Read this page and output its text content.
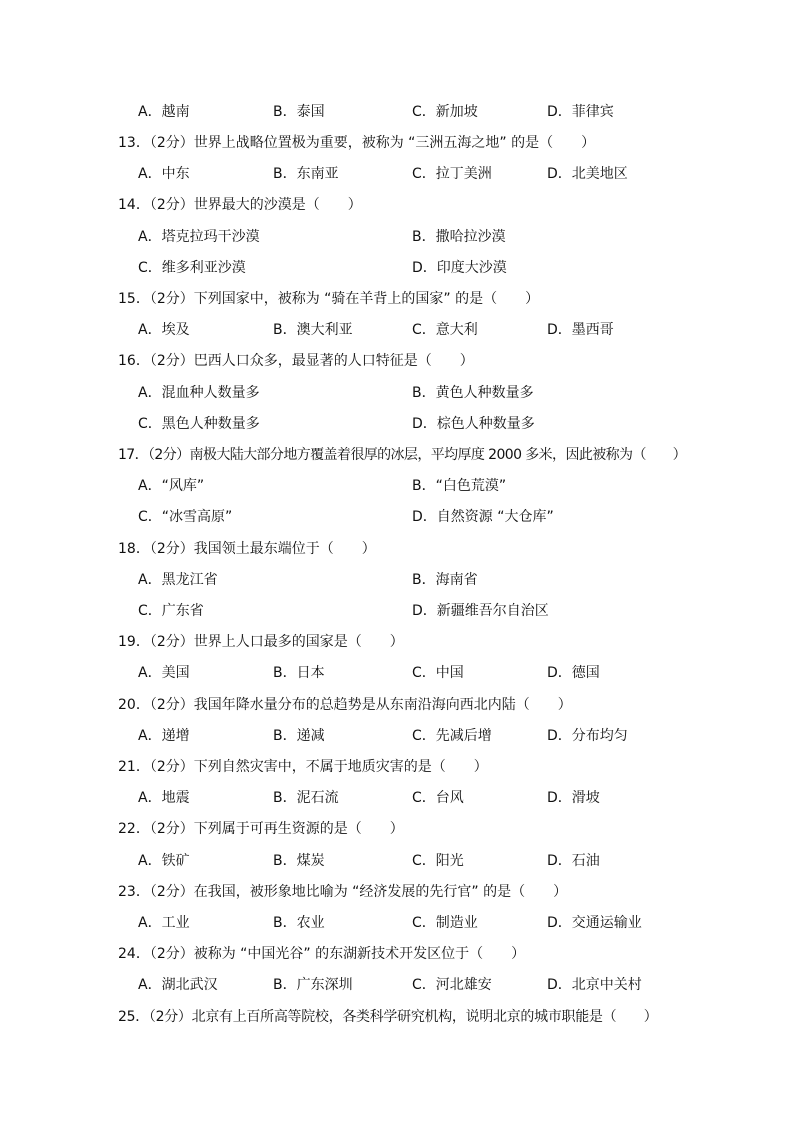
A．越南	B．泰国	C．新加坡	D．菲律宾
13．（2分）世界上战略位置极为重要，被称为 “三洲五海之地” 的是（　　）
A．中东	B．东南亚	C．拉丁美洲	D．北美地区
14．（2分）世界最大的沙漠是（　　）
A．塔克拉玛干沙漠	B．撒哈拉沙漠
C．维多利亚沙漠	D．印度大沙漠
15．（2分）下列国家中，被称为 “骑在羊背上的国家” 的是（　　）
A．埃及	B．澳大利亚	C．意大利	D．墨西哥
16．（2分）巴西人口众多，最显著的人口特征是（　　）
A．混血种人数量多	B．黄色人种数量多
C．黑色人种数量多	D．棕色人种数量多
17．（2分）南极大陆大部分地方覆盖着很厚的冰层，平均厚度 2000 多米，因此被称为（　　）
A．“风库”	B．“白色荒漠”
C．“冰雪高原”	D．自然资源 “大仓库”
18．（2分）我国领土最东端位于（　　）
A．黑龙江省	B．海南省
C．广东省	D．新疆维吾尔自治区
19．（2分）世界上人口最多的国家是（　　）
A．美国	B．日本	C．中国	D．德国
20．（2分）我国年降水量分布的总趋势是从东南沿海向西北内陆（　　）
A．递增	B．递减	C．先减后增	D．分布均匀
21．（2分）下列自然灾害中，不属于地质灾害的是（　　）
A．地震	B．泥石流	C．台风	D．滑坡
22．（2分）下列属于可再生资源的是（　　）
A．铁矿	B．煤炭	C．阳光	D．石油
23．（2分）在我国，被形象地比喻为 “经济发展的先行官” 的是（　　）
A．工业	B．农业	C．制造业	D．交通运输业
24．（2分）被称为 “中国光谷” 的东湖新技术开发区位于（　　）
A．湖北武汉	B．广东深圳	C．河北雄安	D．北京中关村
25．（2分）北京有上百所高等院校，各类科学研究机构，说明北京的城市职能是（　　）
